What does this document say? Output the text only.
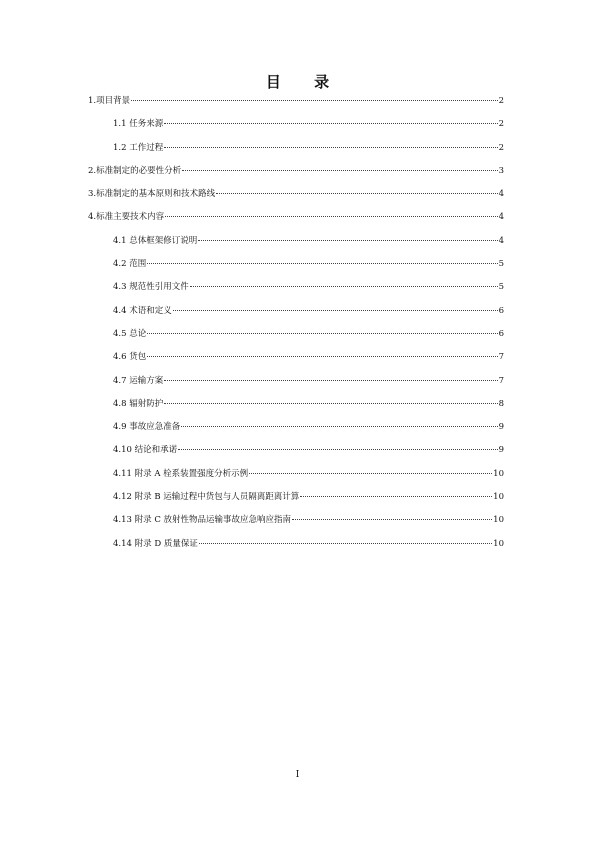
目 录
1.项目背景	2
1.1 任务来源	2
1.2 工作过程	2
2.标准制定的必要性分析	3
3.标准制定的基本原则和技术路线	4
4.标准主要技术内容	4
4.1 总体框架修订说明	4
4.2 范围	5
4.3 规范性引用文件	5
4.4 术语和定义	6
4.5 总论	6
4.6 货包	7
4.7 运输方案	7
4.8 辐射防护	8
4.9 事故应急准备	9
4.10 结论和承诺	9
4.11 附录 A 栓系装置强度分析示例	10
4.12 附录 B 运输过程中货包与人员隔离距离计算	10
4.13 附录 C 放射性物品运输事故应急响应指南	10
4.14 附录 D 质量保证	10
I
